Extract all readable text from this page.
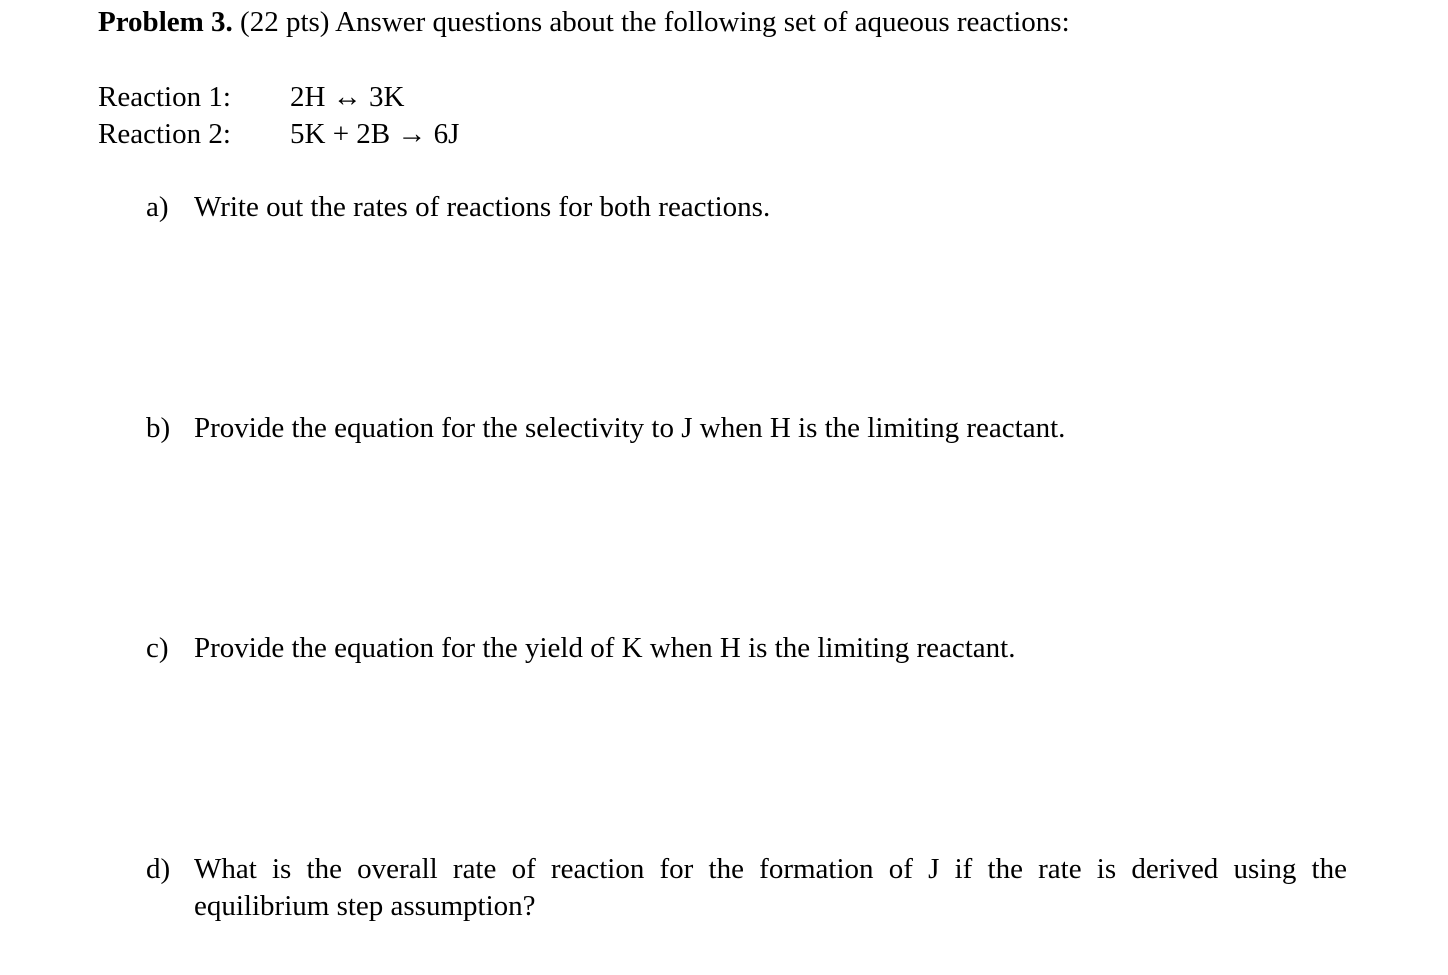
Problem 3. (22 pts) Answer questions about the following set of aqueous reactions:
Reaction 1: 2H ↔ 3K
Reaction 2: 5K + 2B → 6J
a) Write out the rates of reactions for both reactions.
b) Provide the equation for the selectivity to J when H is the limiting reactant.
c) Provide the equation for the yield of K when H is the limiting reactant.
d) What is the overall rate of reaction for the formation of J if the rate is derived using the
equilibrium step assumption?
